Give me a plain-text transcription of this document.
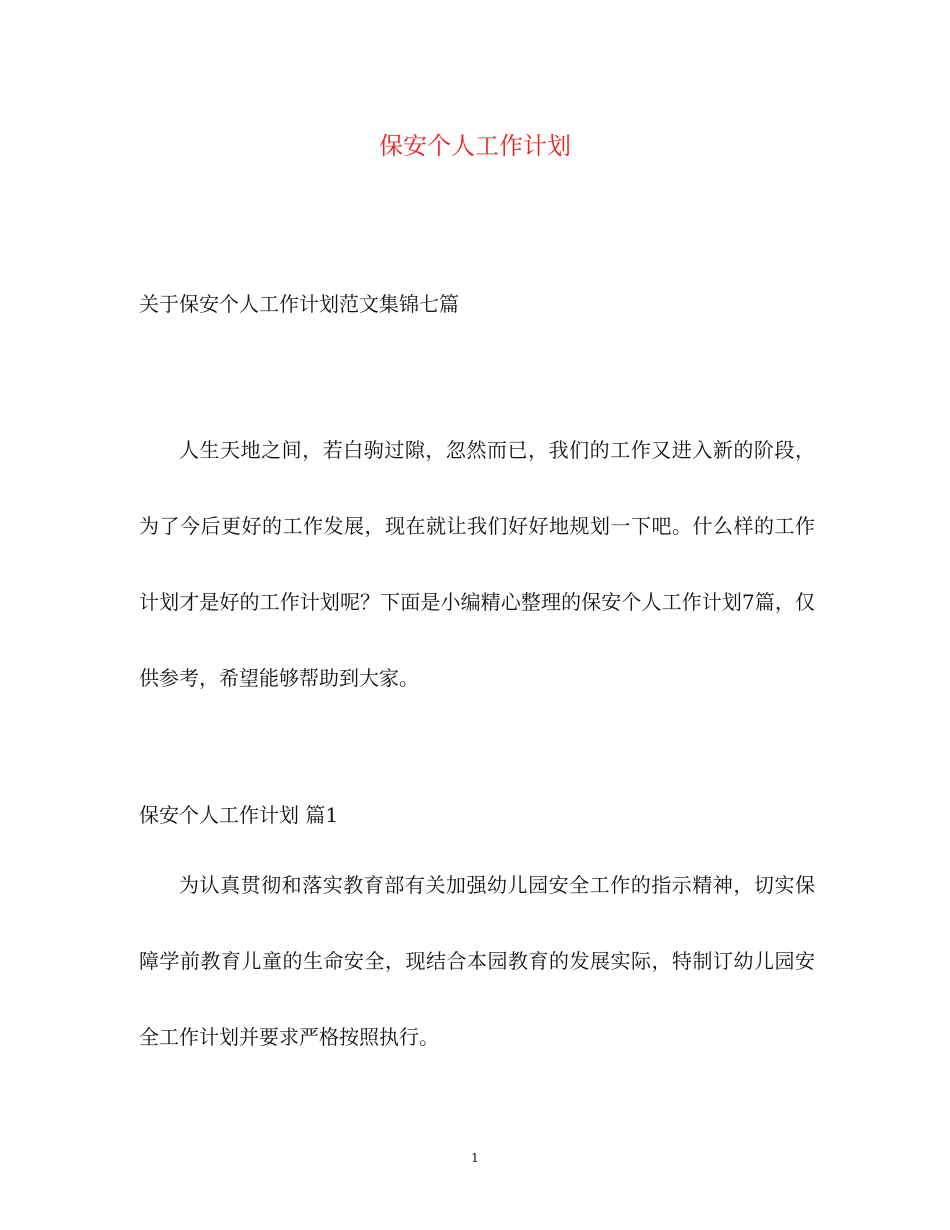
保安个人工作计划

关于保安个人工作计划范文集锦七篇

人生天地之间，若白驹过隙，忽然而已，我们的工作又进入新的阶段，为了今后更好的工作发展，现在就让我们好好地规划一下吧。什么样的工作计划才是好的工作计划呢？下面是小编精心整理的保安个人工作计划7篇，仅供参考，希望能够帮助到大家。

保安个人工作计划 篇1

为认真贯彻和落实教育部有关加强幼儿园安全工作的指示精神，切实保障学前教育儿童的生命安全，现结合本园教育的发展实际，特制订幼儿园安全工作计划并要求严格按照执行。

1
